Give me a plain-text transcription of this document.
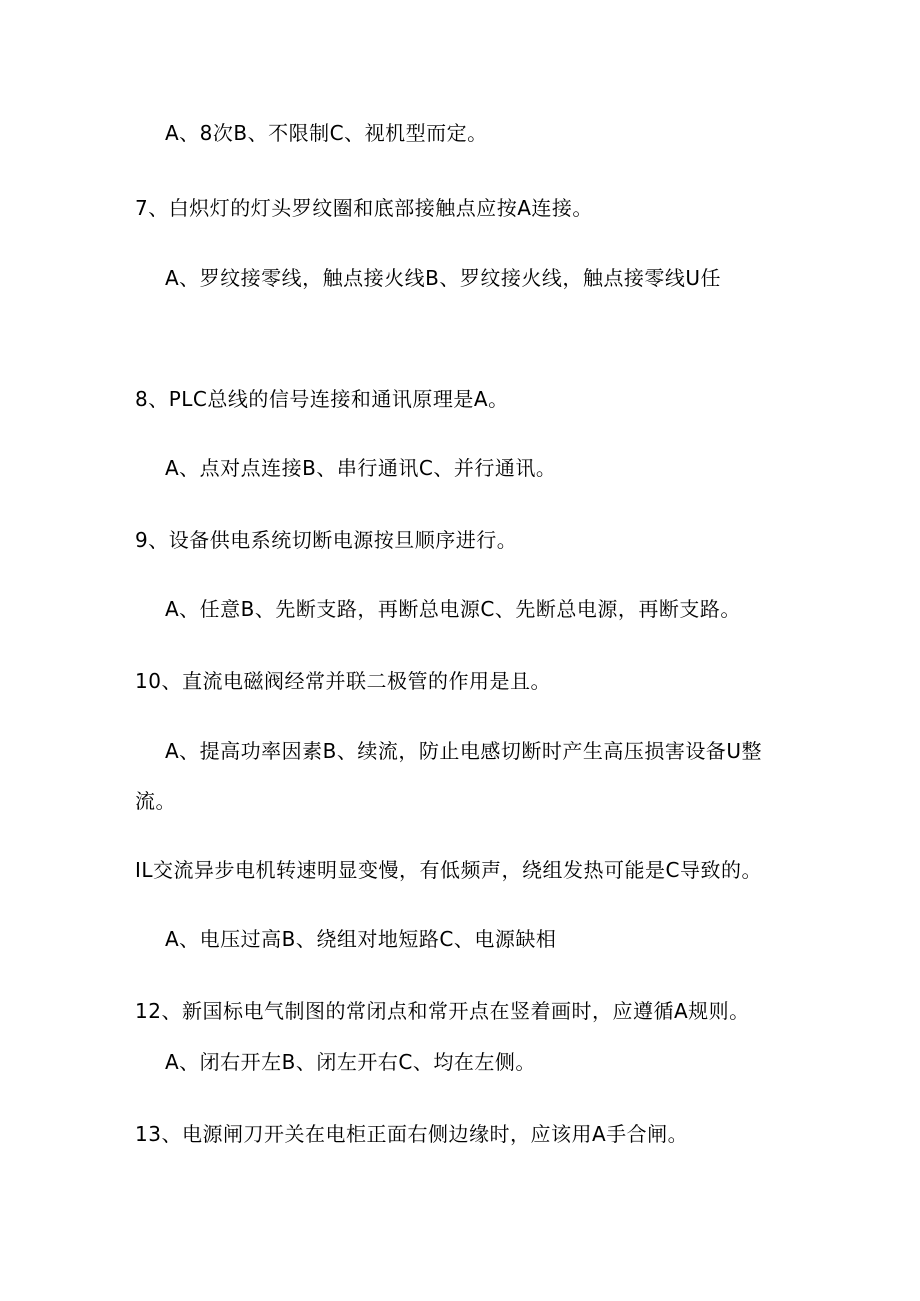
A、8次B、不限制C、视机型而定。
7、白炽灯的灯头罗纹圈和底部接触点应按A连接。
A、罗纹接零线，触点接火线B、罗纹接火线，触点接零线U任
8、PLC总线的信号连接和通讯原理是A。
A、点对点连接B、串行通讯C、并行通讯。
9、设备供电系统切断电源按旦顺序进行。
A、任意B、先断支路，再断总电源C、先断总电源，再断支路。
10、直流电磁阀经常并联二极管的作用是且。
A、提高功率因素B、续流，防止电感切断时产生高压损害设备U整
流。
IL交流异步电机转速明显变慢，有低频声，绕组发热可能是C导致的。
A、电压过高B、绕组对地短路C、电源缺相
12、新国标电气制图的常闭点和常开点在竖着画时，应遵循A规则。
A、闭右开左B、闭左开右C、均在左侧。
13、电源闸刀开关在电柜正面右侧边缘时，应该用A手合闸。
